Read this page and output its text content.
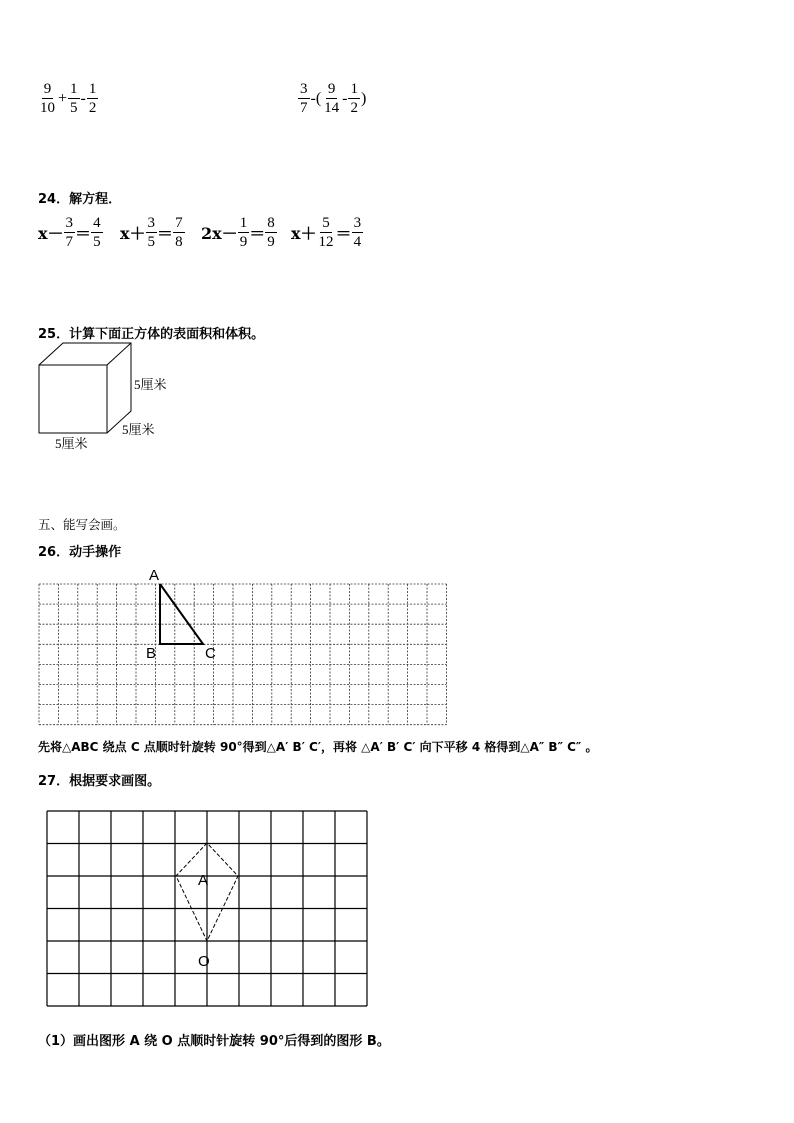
$\frac{9}{10} + \frac{1}{5} - \frac{1}{2}$	$\frac{3}{7}$ -( $\frac{9}{14} - \frac{1}{2}$ )
24．解方程．
$x- \frac{3}{7} = \frac{4}{5} x+ \frac{3}{5} = \frac{7}{8} 2x- \frac{1}{9} = \frac{8}{9} x+ \frac{5}{12} = \frac{3}{4}$
25．计算下面正方体的表面积和体积。
5厘米
5厘米
5厘米
五、能写会画。
26．动手操作
A
B	C
先将△ABC 绕点 C 点顺时针旋转 90°得到△A′ B′ C′，再将 △A′ B′ C′ 向下平移 4 格得到△A″ B″ C″ 。
27．根据要求画图。
A
O
（1）画出图形 A 绕 O 点顺时针旋转 90°后得到的图形 B。
